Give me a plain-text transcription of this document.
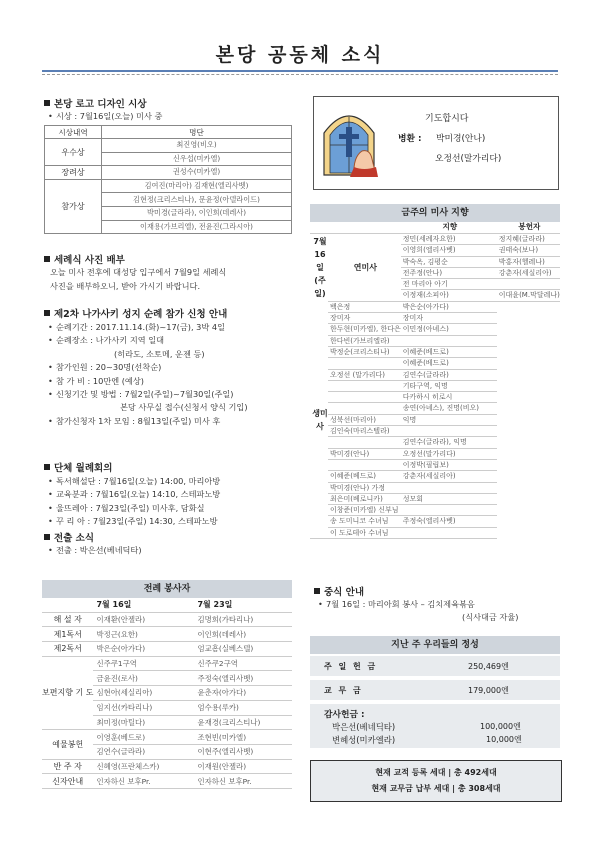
본당 공동체 소식
본당 로고 디자인 시상
• 시상 : 7월16일(오늘) 미사 중
시상내역	명단
우수상	최진영(비오)
	신우섭(미카엘)
장려상	권성수(미카엘)
참가상	김여진(마리아) 김재현(엘리사벳)
	김현정(크리스티나), 문윤정(아델라이드)
	박미경(글라라), 이인희(데레사)
	이재용(가브리엘), 전윤진(그라시아)
세례식 사진 배부
오늘 미사 전후에 대성당 입구에서 7월9일 세례식
사진을 배부하오니, 받아 가시기 바랍니다.
제2차 나가사키 성지 순례 참가 신청 안내
• 순례기간 : 2017.11.14.(화)~17(금), 3박 4일
• 순례장소 : 나가사키 지역 일대
(히라도, 소토메, 운젠 등)
• 참가인원 : 20~30명(선착순)
• 참 가 비 : 10만엔 (예상)
• 신청기간 및 방법 : 7월2일(주일)~7월30일(주일)
본당 사무실 접수(신청서 양식 기입)
• 참가신청자 1차 모임 : 8월13일(주일) 미사 후
단체 월례회의
• 독서해설단 : 7월16일(오늘) 14:00, 마리아방
• 교육분과 : 7월16일(오늘) 14:10, 스테파노방
• 울뜨레아 : 7월23일(주일) 미사후, 담화실
• 꾸 리 아 : 7월23일(주일) 14:30, 스테파노방
전출 소식
• 전출 : 박은선(베네딕타)
기도합시다
병환 : 박미경(안나)
오정선(말가리다)
금주의 미사 지향
		지향	봉헌자
7월16일(주일)	연미사	정민(세례자요한)	정지혜(글라라)
		이영희(엘리사벳)	권태숙(보나)
		박숙옥, 김평순	박홍자(헬레나)
		전주정(안나)	강춘자(세실리아)
		전 마리아 아기	
		이정재(소피아)	이대윤(M.막달레나)
생미사	백은정	박은순(아가다)	
	장미자	장미자	
	한두현(미카엘), 한다은	이민정(아녜스)	
	한다빈(가브리엘라)		
	박정순(크리스티나)	이혜준(베드로)	
		이혜준(베드로)	
	오정선 (말가리다)	김연수(글라라)	
		기타구역, 익명	
		다카하시 히로시	
		송연(아녜스), 진명(비오)	
	성북선(마리아)	익명	
	김인숙(마리스텔라)		
		김연수(글라라), 익명	
	박미경(안나)	오정선(말가리다)	
		이정박(필립보)	
	이혜준(베드로)	강춘자(세실리아)	
	박미경(안나) 가정		
	최은미(베로니카)	성모회	
	이창준(미카엘) 신부님		
	송 도미니코 수녀님	주정숙(엘리사벳)	
	이 도로테아 수녀님		
전례 봉사자
	7월 16일	7월 23일
해 설 자	이재환(안젤라)	김명희(가타리나)
제1독서	박정근(요한)	이인희(데레사)
제2독서	박은순(아가다)	엄교흠(실베스텔)
보편지향 기 도	신주쿠1구역	신주쿠2구역
	금윤진(로사)	주정숙(엘리사벳)
	심현아(세실리아)	윤춘자(아가다)
	임지선(카타리나)	엄수용(루카)
	최미정(마틸다)	윤재경(크리스티나)
예물봉헌	이영훈(베드로)	조현빈(미카엘)
	김연수(글라라)	이현주(엘리사벳)
반 주 자	신혜영(프란체스카)	이재원(안젤라)
신자안내	인자하신 보후Pr.	인자하신 보후Pr.
중식 안내
• 7월 16일 : 마리아회 봉사 – 김치제육볶음
(식사대금 자율)
지난 주 우리들의 정성
주 일 헌 금	250,469엔
교 무 금	179,000엔
감사헌금 :
박은선(베네딕타)	100,000엔
변혜성(미카엘라)	10,000엔
현재 교적 등록 세대 | 총 492세대
현재 교무금 납부 세대 | 총 308세대
